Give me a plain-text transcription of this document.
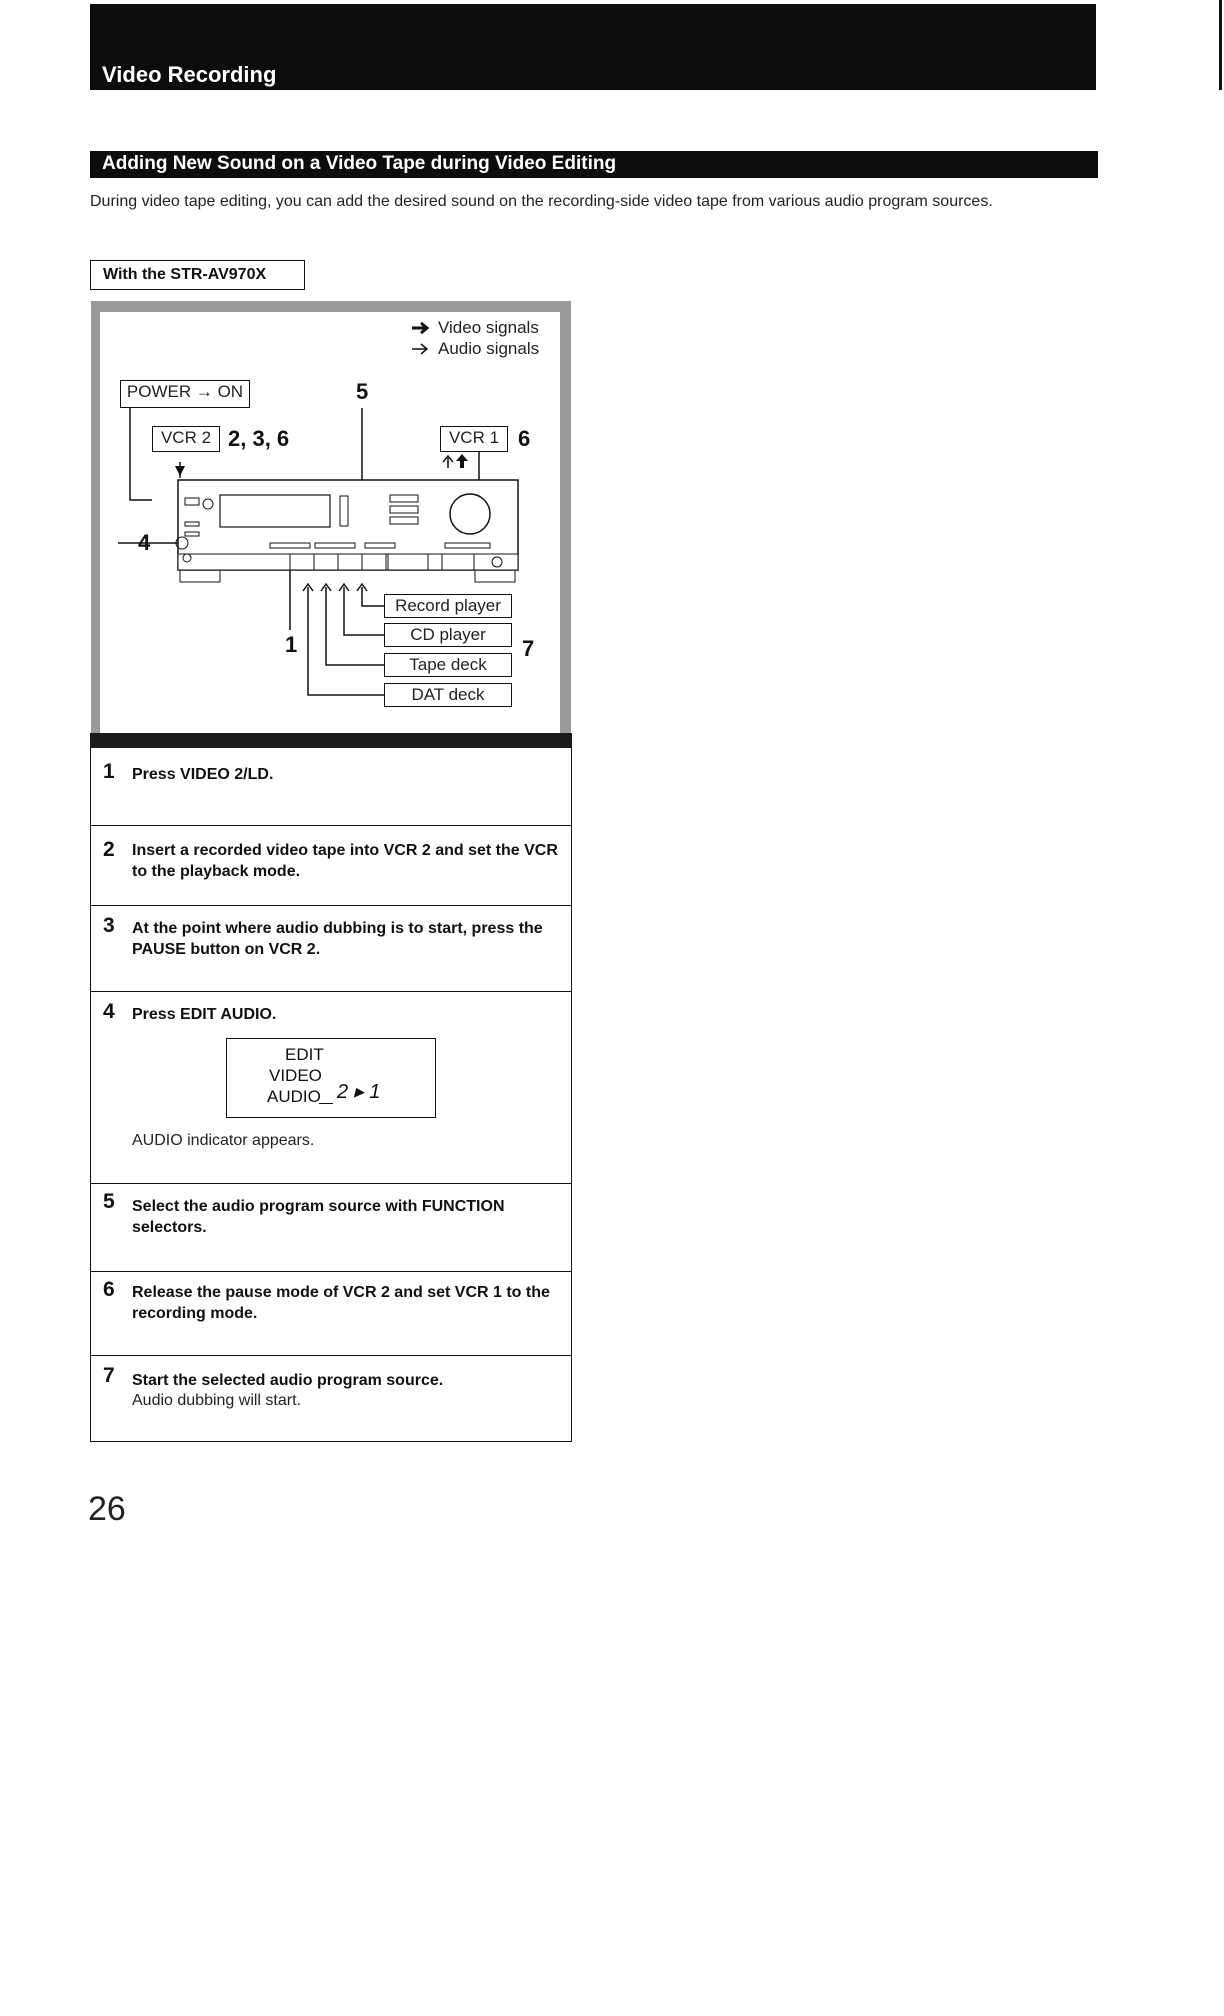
Video Recording
Adding New Sound on a Video Tape during Video Editing
During video tape editing, you can add the desired sound on the recording-side video tape from various audio program sources.
With the STR-AV970X
Video signals
Audio signals
POWER → ON	5
VCR 2 2, 3, 6	VCR 1 6
4
1	7
Record player
CD player
Tape deck
DAT deck
1 Press VIDEO 2/LD.
2 Insert a recorded video tape into VCR 2 and set the VCR to the playback mode.
3 At the point where audio dubbing is to start, press the PAUSE button on VCR 2.
4 Press EDIT AUDIO.
EDIT
VIDEO
AUDIO 2 ▸ 1
AUDIO indicator appears.
5 Select the audio program source with FUNCTION selectors.
6 Release the pause mode of VCR 2 and set VCR 1 to the recording mode.
7 Start the selected audio program source.
Audio dubbing will start.
26
